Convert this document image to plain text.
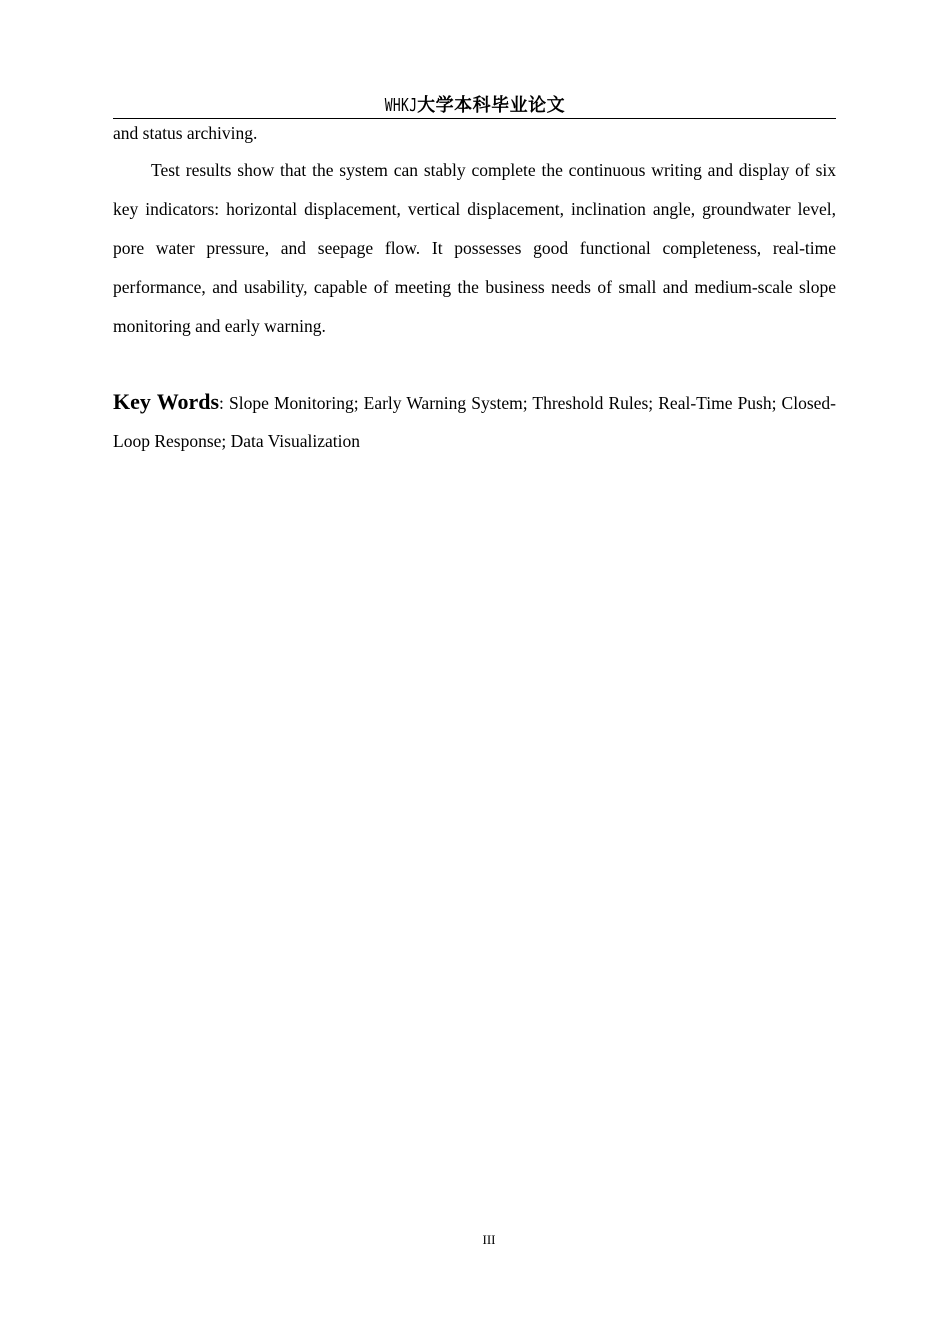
WHKJ大学本科毕业论文

and status archiving.

Test results show that the system can stably complete the continuous writing and display of six key indicators: horizontal displacement, vertical displacement, inclination angle, groundwater level, pore water pressure, and seepage flow. It possesses good functional completeness, real-time performance, and usability, capable of meeting the business needs of small and medium-scale slope monitoring and early warning.

Key Words: Slope Monitoring; Early Warning System; Threshold Rules; Real-Time Push; Closed-Loop Response; Data Visualization

III
